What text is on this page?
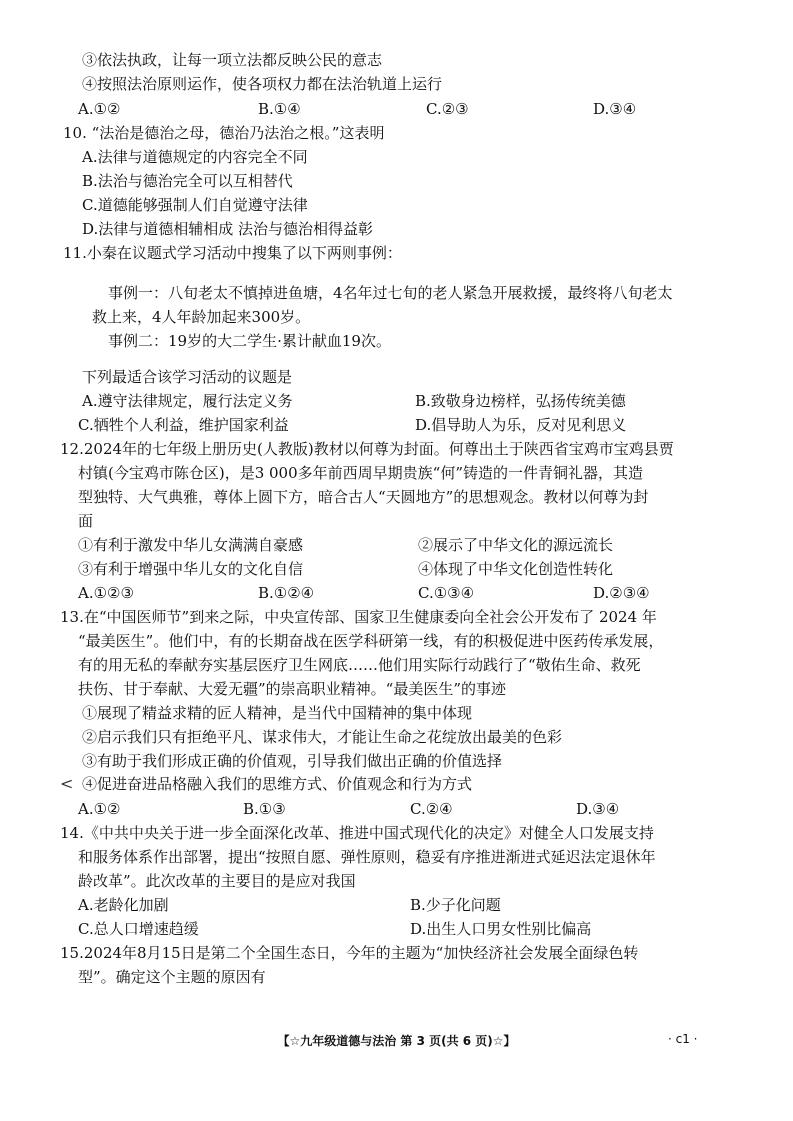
③依法执政，让每一项立法都反映公民的意志
④按照法治原则运作，使各项权力都在法治轨道上运行
A.①②	B.①④	C.②③	D.③④
10. “法治是德治之母，德治乃法治之根。”这表明
A.法律与道德规定的内容完全不同
B.法治与德治完全可以互相替代
C.道德能够强制人们自觉遵守法律
D.法律与道德相辅相成 法治与德治相得益彰
11.小秦在议题式学习活动中搜集了以下两则事例：
事例一：八旬老太不慎掉进鱼塘，4名年过七旬的老人紧急开展救援，最终将八旬老太
救上来，4人年龄加起来300岁。
事例二：19岁的大二学生·累计献血19次。
下列最适合该学习活动的议题是
A.遵守法律规定，履行法定义务	B.致敬身边榜样，弘扬传统美德
C.牺牲个人利益，维护国家利益	D.倡导助人为乐，反对见利思义
12.2024年的七年级上册历史(人教版)教材以何尊为封面。何尊出土于陕西省宝鸡市宝鸡县贾
村镇(今宝鸡市陈仓区)，是3 000多年前西周早期贵族“何”铸造的一件青铜礼器，其造
型独特、大气典雅，尊体上圆下方，暗合古人“天圆地方”的思想观念。教材以何尊为封
面
①有利于激发中华儿女满满自豪感	②展示了中华文化的源远流长
③有利于增强中华儿女的文化自信	④体现了中华文化创造性转化
A.①②③	B.①②④	C.①③④	D.②③④
13.在“中国医师节”到来之际，中央宣传部、国家卫生健康委向全社会公开发布了 2024 年
“最美医生”。他们中，有的长期奋战在医学科研第一线，有的积极促进中医药传承发展，
有的用无私的奉献夯实基层医疗卫生网底……他们用实际行动践行了“敬佑生命、救死
扶伤、甘于奉献、大爱无疆”的崇高职业精神。“最美医生”的事迹
①展现了精益求精的匠人精神，是当代中国精神的集中体现
②启示我们只有拒绝平凡、谋求伟大，才能让生命之花绽放出最美的色彩
③有助于我们形成正确的价值观，引导我们做出正确的价值选择
< ④促进奋进品格融入我们的思维方式、价值观念和行为方式
A.①②	B.①③	C.②④	D.③④
14.《中共中央关于进一步全面深化改革、推进中国式现代化的决定》对健全人口发展支持
和服务体系作出部署，提出“按照自愿、弹性原则，稳妥有序推进渐进式延迟法定退休年
龄改革”。此次改革的主要目的是应对我国
A.老龄化加剧	B.少子化问题
C.总人口增速趋缓	D.出生人口男女性别比偏高
15.2024年8月15日是第二个全国生态日，今年的主题为“加快经济社会发展全面绿色转
型”。确定这个主题的原因有
【☆九年级道德与法治 第 3 页(共 6 页)☆】	· c1 ·
